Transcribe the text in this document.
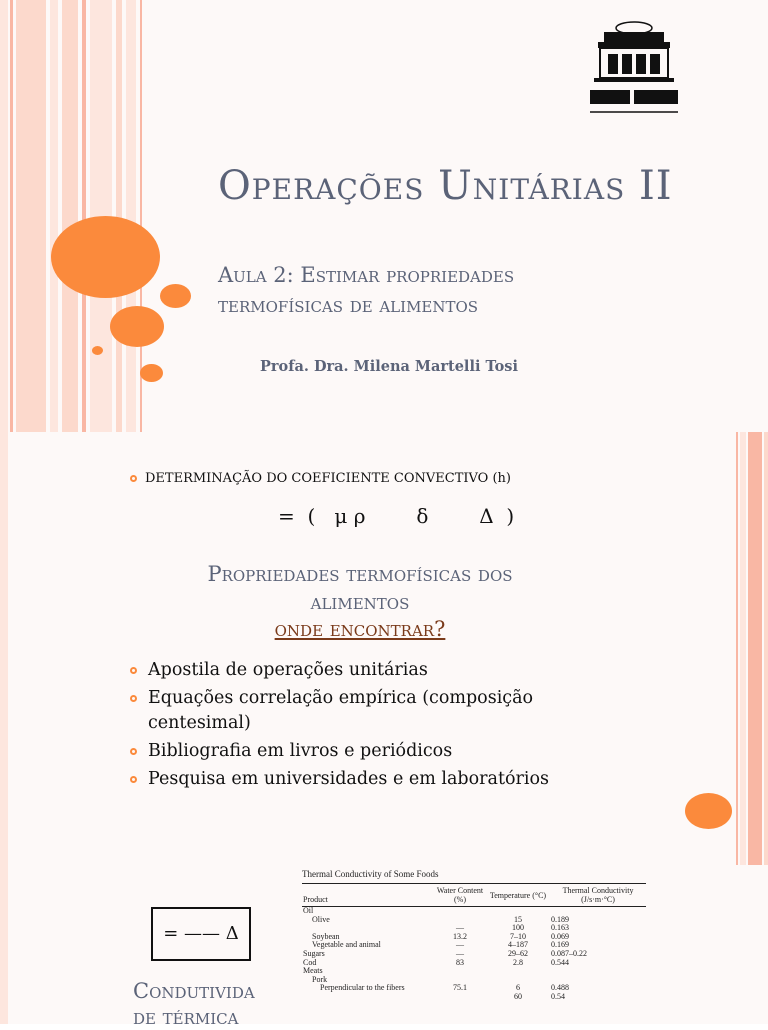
Operações Unitárias II
Aula 2: Estimar propriedades
termofísicas de alimentos
Profa. Dra. Milena Martelli Tosi
DETERMINAÇÃO DO COEFICIENTE CONVECTIVO (h)
=  (   μ ρ        δ        Δ  )
Propriedades termofísicas dos
alimentos
onde encontrar?
Apostila de operações unitárias
Equações correlação empírica (composição centesimal)
Bibliografia em livros e periódicos
Pesquisa em universidades e em laboratórios
= —— Δ
Condutivida
de térmica
Thermal Conductivity of Some Foods
Product	Water Content (%)	Temperature (°C)	Thermal Conductivity (J/s·m·°C)
Oil			
Olive		15	0.189
	—	100	0.163
Soybean	13.2	7–10	0.069
Vegetable and animal	—	4–187	0.169
Sugars	—	29–62	0.087–0.22
Cod	83	2.8	0.544
Meats			
Pork			
Perpendicular to the fibers	75.1	6	0.488
		60	0.54
